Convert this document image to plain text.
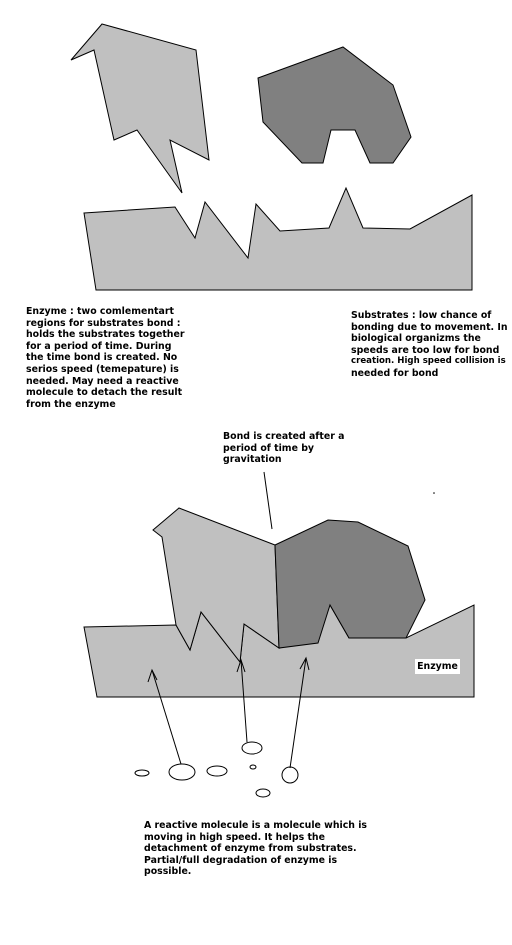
Enzyme : two comlementart
regions for substrates bond :
holds the substrates together
for a period of time. During
the time bond is created. No
serios speed (temepature) is
needed. May need a reactive
molecule to detach the result
from the enzyme
Substrates : low chance of
bonding due to movement. In
biological organizms the
speeds are too low for bond
creation. High speed collision is
needed for bond
Bond is created after a
period of time by
gravitation
Enzyme
A reactive molecule is a molecule which is
moving in high speed. It helps the
detachment of enzyme from substrates.
Partial/full degradation of enzyme is
possible.
